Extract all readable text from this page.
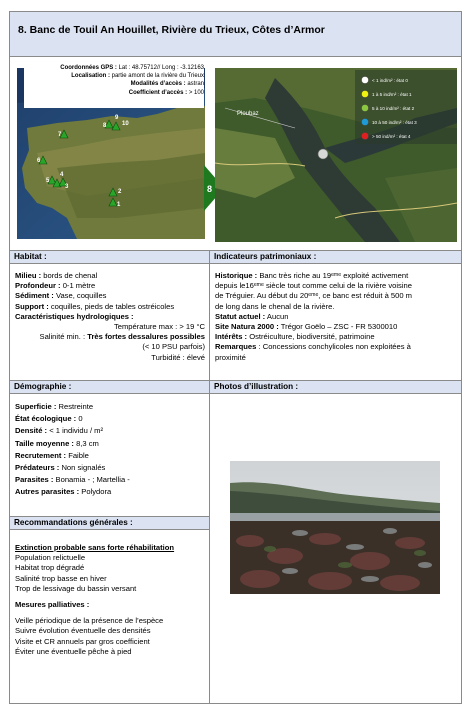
8. Banc de Touil An Houillet, Rivière du Trieux, Côtes d’Armor
9
10
8
7
6
5
4
3
2
1
Coordonnées GPS : Lat : 48.75712// Long : -3.12163
Localisation : partie amont de la rivière du Trieux
Modalités d’accès : astran
Coefficient d’accès : > 100
8
Ploubaz
< 1 ind/m² : état 0
1 à 5 ind/m² : état 1
5 à 10 ind/m² : état 2
10 à 50 ind/m² : état 3
> 50 ind/m² : état 4
Habitat :	Indicateurs patrimoniaux :
Démographie :	Photos d’illustration :
Recommandations générales :
Milieu : bords de chenal
Profondeur : 0-1 mètre
Sédiment : Vase, coquilles
Support : coquilles, pieds de tables ostréicoles
Caractéristiques hydrologiques :
Température max : > 19 °C
Salinité min. : Très fortes dessalures possibles
(< 10 PSU parfois)
Turbidité : élevé
Historique : Banc très riche au 19ᵉᵐᵉ exploité activement
depuis le16ᵉᵐᵉ siècle tout comme celui de la rivière voisine
de Tréguier. Au début du 20ᵉᵐᵉ, ce banc est réduit à 500 m
de long dans le chenal de la rivière.
Statut actuel : Aucun
Site Natura 2000 : Trégor Goëlo – ZSC - FR 5300010
Intérêts : Ostréiculture, biodiversité, patrimoine
Remarques : Concessions conchylicoles non exploitées à
proximité
Superficie : Restreinte
État écologique : 0
Densité : < 1 individu / m²
Taille moyenne : 8,3 cm
Recrutement : Faible
Prédateurs : Non signalés
Parasites : Bonamia - ; Martellia -
Autres parasites : Polydora
Extinction probable sans forte réhabilitation
Population relictuelle
Habitat trop dégradé
Salinité trop basse en hiver
Trop de lessivage du bassin versant
Mesures palliatives :
Veille périodique de la présence de l’espèce
Suivre évolution éventuelle des densités
Visite et CR annuels par gros coefficient
Éviter une éventuelle pêche à pied
